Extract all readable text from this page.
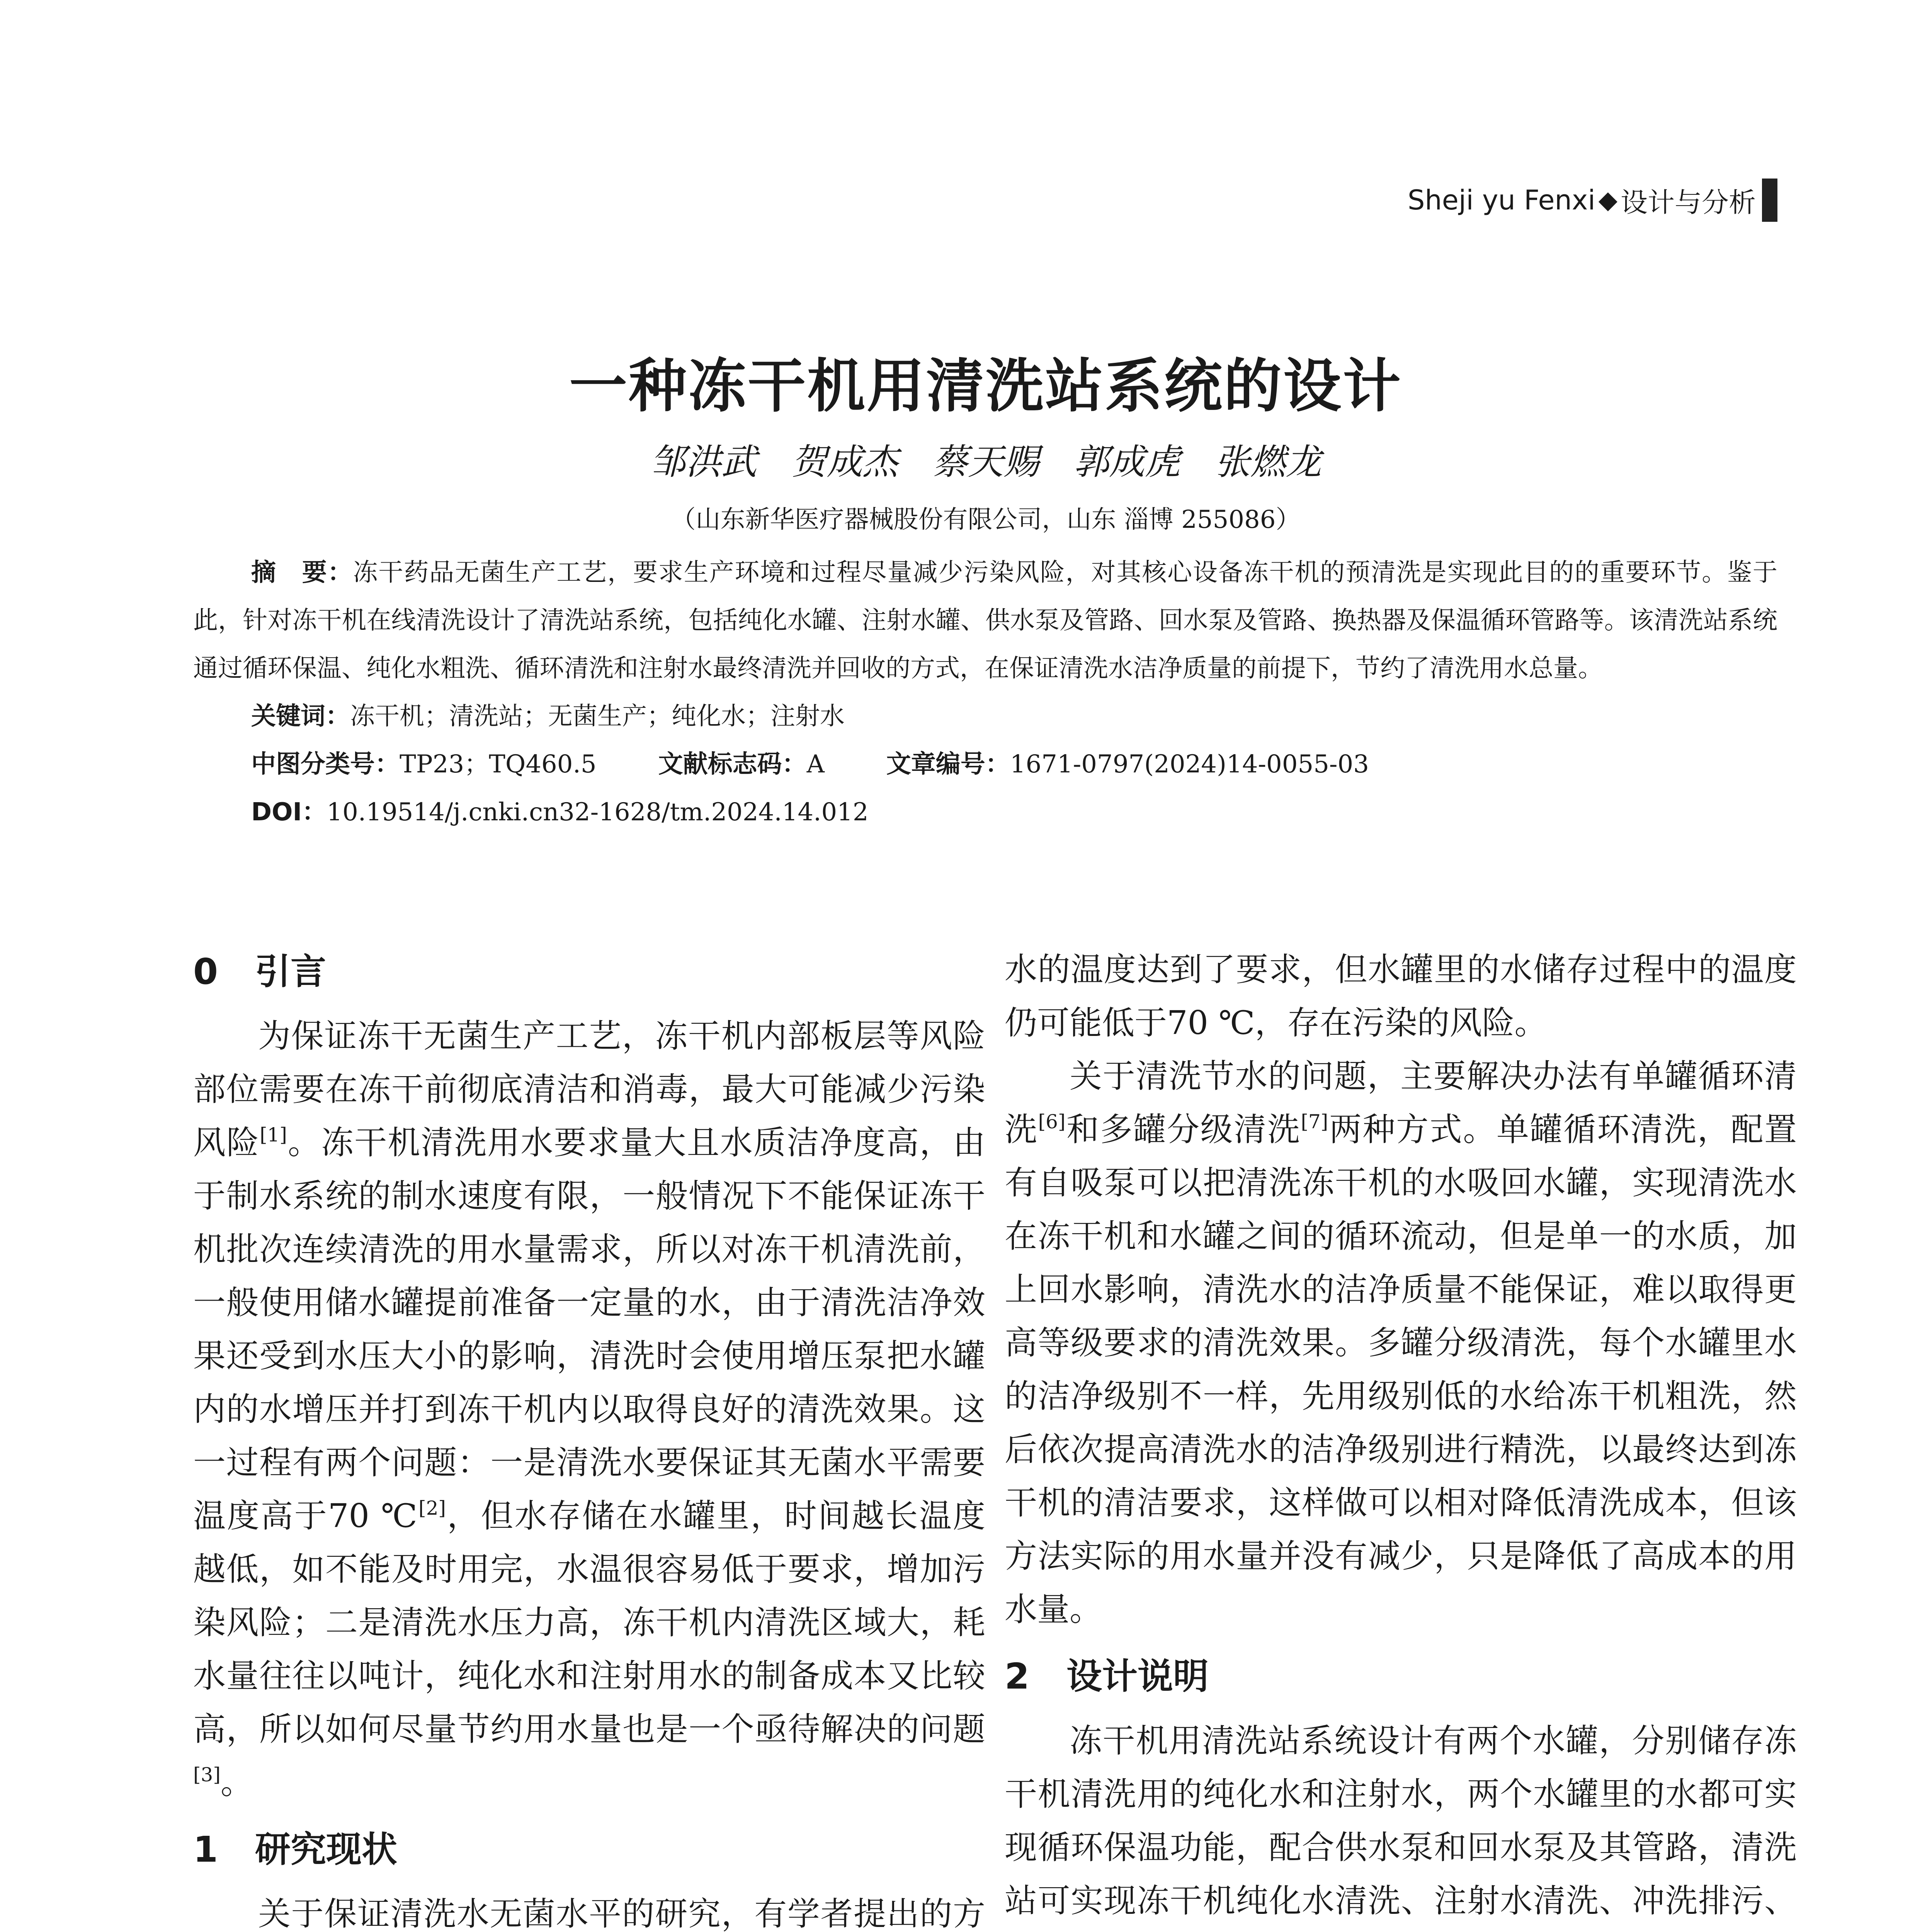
Sheji yu Fenxi ◆ 设计与分析
一种冻干机用清洗站系统的设计
邹洪武 贺成杰 蔡天赐 郭成虎 张燃龙
（山东新华医疗器械股份有限公司，山东 淄博 255086）
摘　要：冻干药品无菌生产工艺，要求生产环境和过程尽量减少污染风险，对其核心设备冻干机的预清洗是实现此目的的重要环节。鉴于此，针对冻干机在线清洗设计了清洗站系统，包括纯化水罐、注射水罐、供水泵及管路、回水泵及管路、换热器及保温循环管路等。该清洗站系统通过循环保温、纯化水粗洗、循环清洗和注射水最终清洗并回收的方式，在保证清洗水洁净质量的前提下，节约了清洗用水总量。
关键词：冻干机；清洗站；无菌生产；纯化水；注射水
中图分类号：TP23；TQ460.5	文献标志码：A	文章编号：1671-0797(2024)14-0055-03
DOI：10.19514/j.cnki.cn32-1628/tm.2024.14.012
0 引言

为保证冻干无菌生产工艺，冻干机内部板层等风险部位需要在冻干前彻底清洁和消毒，最大可能减少污染风险[1]。冻干机清洗用水要求量大且水质洁净度高，由于制水系统的制水速度有限，一般情况下不能保证冻干机批次连续清洗的用水量需求，所以对冻干机清洗前，一般使用储水罐提前准备一定量的水，由于清洗洁净效果还受到水压大小的影响，清洗时会使用增压泵把水罐内的水增压并打到冻干机内以取得良好的清洗效果。这一过程有两个问题：一是清洗水要保证其无菌水平需要温度高于70 ℃[2]，但水存储在水罐里，时间越长温度越低，如不能及时用完，水温很容易低于要求，增加污染风险；二是清洗水压力高，冻干机内清洗区域大，耗水量往往以吨计，纯化水和注射用水的制备成本又比较高，所以如何尽量节约用水量也是一个亟待解决的问题[3]。

1 研究现状

关于保证清洗水无菌水平的研究，有学者提出的方

水的温度达到了要求，但水罐里的水储存过程中的温度仍可能低于70 ℃，存在污染的风险。

关于清洗节水的问题，主要解决办法有单罐循环清洗[6]和多罐分级清洗[7]两种方式。单罐循环清洗，配置有自吸泵可以把清洗冻干机的水吸回水罐，实现清洗水在冻干机和水罐之间的循环流动，但是单一的水质，加上回水影响，清洗水的洁净质量不能保证，难以取得更高等级要求的清洗效果。多罐分级清洗，每个水罐里水的洁净级别不一样，先用级别低的水给冻干机粗洗，然后依次提高清洗水的洁净级别进行精洗，以最终达到冻干机的清洁要求，这样做可以相对降低清洗成本，但该方法实际的用水量并没有减少，只是降低了高成本的用水量。

2 设计说明

冻干机用清洗站系统设计有两个水罐，分别储存冻干机清洗用的纯化水和注射水，两个水罐里的水都可实现循环保温功能，配合供水泵和回水泵及其管路，清洗站可实现冻干机纯化水清洗、注射水清洗、冲洗排污、
